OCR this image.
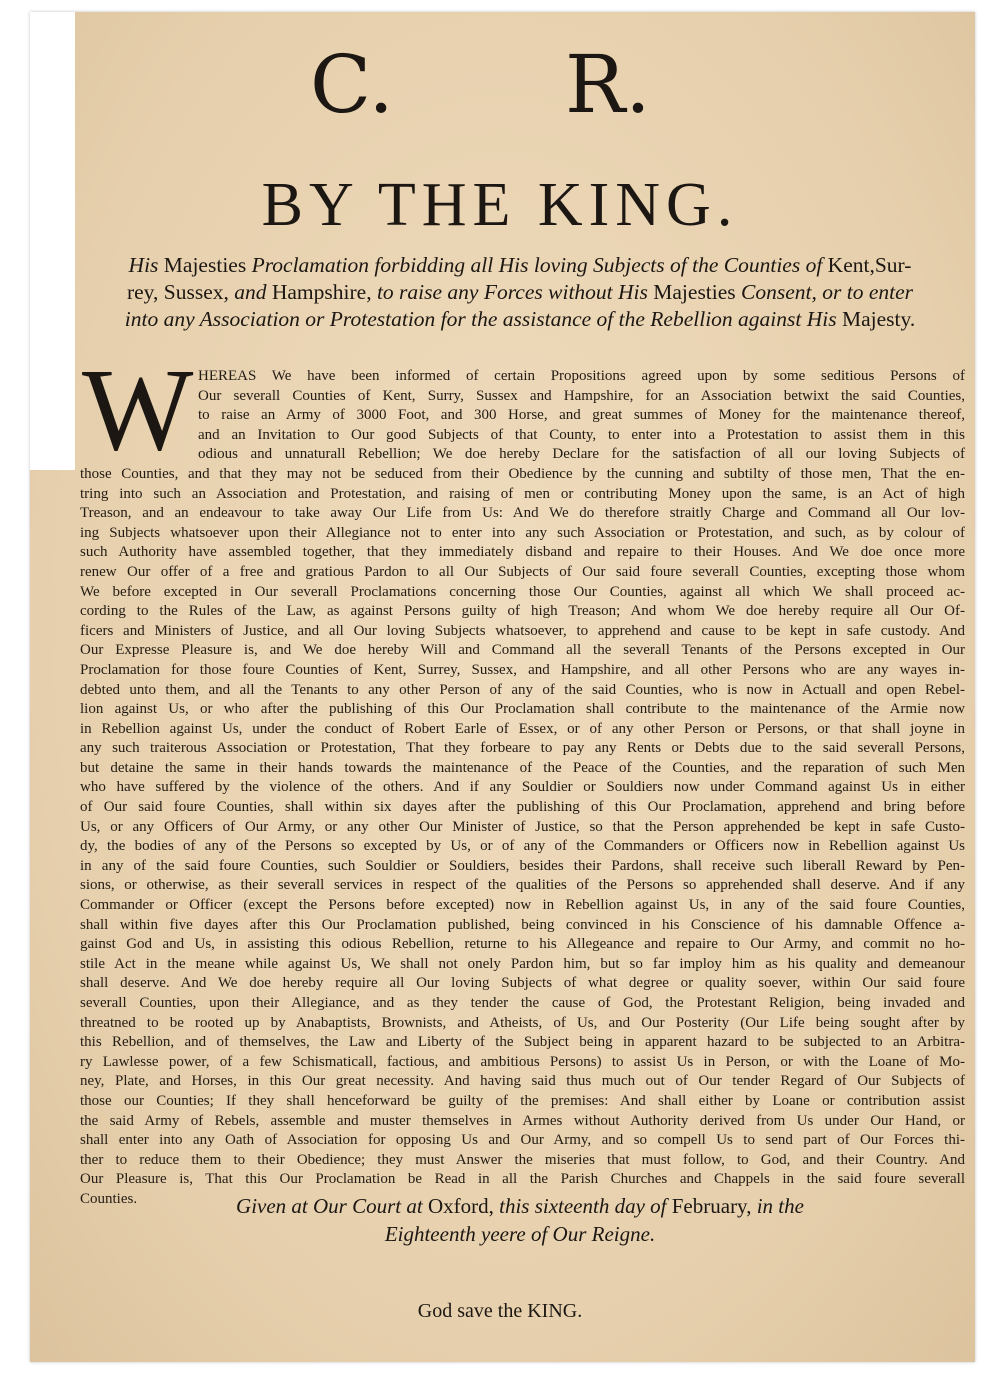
C. R.
BY THE KING.
His Majesties Proclamation forbidding all His loving Subjects of the Counties of Kent,Sur-
rey, Sussex, and Hampshire, to raise any Forces without His Majesties Consent, or to enter
into any Association or Protestation for the assistance of the Rebellion against His Majesty.
W HEREAS We have been informed of certain Propositions agreed upon by some seditious Persons of
Our severall Counties of Kent, Surry, Sussex and Hampshire, for an Association betwixt the said Counties,
to raise an Army of 3000 Foot, and 300 Horse, and great summes of Money for the maintenance thereof,
and an Invitation to Our good Subjects of that County, to enter into a Protestation to assist them in this
odious and unnaturall Rebellion; We doe hereby Declare for the satisfaction of all our loving Subjects of
those Counties, and that they may not be seduced from their Obedience by the cunning and subtilty of those men, That the en-
tring into such an Association and Protestation, and raising of men or contributing Money upon the same, is an Act of high
Treason, and an endeavour to take away Our Life from Us: And We do therefore straitly Charge and Command all Our lov-
ing Subjects whatsoever upon their Allegiance not to enter into any such Association or Protestation, and such, as by colour of
such Authority have assembled together, that they immediately disband and repaire to their Houses. And We doe once more
renew Our offer of a free and gratious Pardon to all Our Subjects of Our said foure severall Counties, excepting those whom
We before excepted in Our severall Proclamations concerning those Our Counties, against all which We shall proceed ac-
cording to the Rules of the Law, as against Persons guilty of high Treason; And whom We doe hereby require all Our Of-
ficers and Ministers of Justice, and all Our loving Subjects whatsoever, to apprehend and cause to be kept in safe custody. And
Our Expresse Pleasure is, and We doe hereby Will and Command all the severall Tenants of the Persons excepted in Our
Proclamation for those foure Counties of Kent, Surrey, Sussex, and Hampshire, and all other Persons who are any wayes in-
debted unto them, and all the Tenants to any other Person of any of the said Counties, who is now in Actuall and open Rebel-
lion against Us, or who after the publishing of this Our Proclamation shall contribute to the maintenance of the Armie now
in Rebellion against Us, under the conduct of Robert Earle of Essex, or of any other Person or Persons, or that shall joyne in
any such traiterous Association or Protestation, That they forbeare to pay any Rents or Debts due to the said severall Persons,
but detaine the same in their hands towards the maintenance of the Peace of the Counties, and the reparation of such Men
who have suffered by the violence of the others. And if any Souldier or Souldiers now under Command against Us in either
of Our said foure Counties, shall within six dayes after the publishing of this Our Proclamation, apprehend and bring before
Us, or any Officers of Our Army, or any other Our Minister of Justice, so that the Person apprehended be kept in safe Custo-
dy, the bodies of any of the Persons so excepted by Us, or of any of the Commanders or Officers now in Rebellion against Us
in any of the said foure Counties, such Souldier or Souldiers, besides their Pardons, shall receive such liberall Reward by Pen-
sions, or otherwise, as their severall services in respect of the qualities of the Persons so apprehended shall deserve. And if any
Commander or Officer (except the Persons before excepted) now in Rebellion against Us, in any of the said foure Counties,
shall within five dayes after this Our Proclamation published, being convinced in his Conscience of his damnable Offence a-
gainst God and Us, in assisting this odious Rebellion, returne to his Allegeance and repaire to Our Army, and commit no ho-
stile Act in the meane while against Us, We shall not onely Pardon him, but so far imploy him as his quality and demeanour
shall deserve. And We doe hereby require all Our loving Subjects of what degree or quality soever, within Our said foure
severall Counties, upon their Allegiance, and as they tender the cause of God, the Protestant Religion, being invaded and
threatned to be rooted up by Anabaptists, Brownists, and Atheists, of Us, and Our Posterity (Our Life being sought after by
this Rebellion, and of themselves, the Law and Liberty of the Subject being in apparent hazard to be subjected to an Arbitra-
ry Lawlesse power, of a few Schismaticall, factious, and ambitious Persons) to assist Us in Person, or with the Loane of Mo-
ney, Plate, and Horses, in this Our great necessity. And having said thus much out of Our tender Regard of Our Subjects of
those our Counties; If they shall henceforward be guilty of the premises: And shall either by Loane or contribution assist
the said Army of Rebels, assemble and muster themselves in Armes without Authority derived from Us under Our Hand, or
shall enter into any Oath of Association for opposing Us and Our Army, and so compell Us to send part of Our Forces thi-
ther to reduce them to their Obedience; they must Answer the miseries that must follow, to God, and their Country. And
Our Pleasure is, That this Our Proclamation be Read in all the Parish Churches and Chappels in the said foure severall
Counties.	Given at Our Court at Oxford, this sixteenth day of February, in the
Eighteenth yeere of Our Reigne.
God save the KING.
